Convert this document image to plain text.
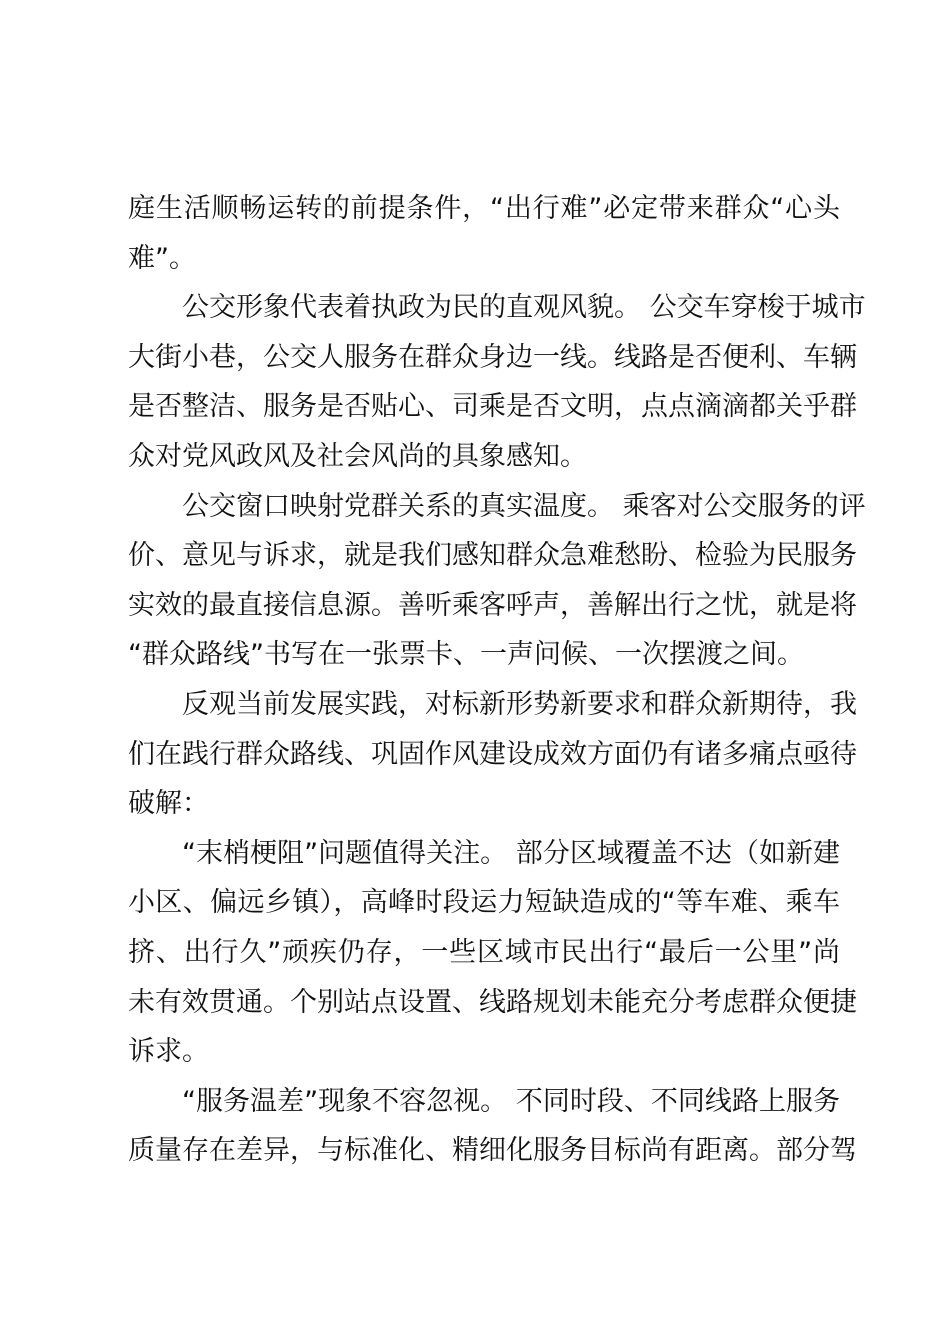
庭生活顺畅运转的前提条件，“出行难”必定带来群众“心头
难”。
公交形象代表着执政为民的直观风貌。 公交车穿梭于城市
大街小巷，公交人服务在群众身边一线。线路是否便利、车辆
是否整洁、服务是否贴心、司乘是否文明，点点滴滴都关乎群
众对党风政风及社会风尚的具象感知。
公交窗口映射党群关系的真实温度。 乘客对公交服务的评
价、意见与诉求，就是我们感知群众急难愁盼、检验为民服务
实效的最直接信息源。善听乘客呼声，善解出行之忧，就是将
“群众路线”书写在一张票卡、一声问候、一次摆渡之间。
反观当前发展实践，对标新形势新要求和群众新期待，我
们在践行群众路线、巩固作风建设成效方面仍有诸多痛点亟待
破解：
“末梢梗阻”问题值得关注。 部分区域覆盖不达（如新建
小区、偏远乡镇），高峰时段运力短缺造成的“等车难、乘车
挤、出行久”顽疾仍存，一些区域市民出行“最后一公里”尚
未有效贯通。个别站点设置、线路规划未能充分考虑群众便捷
诉求。
“服务温差”现象不容忽视。 不同时段、不同线路上服务
质量存在差异，与标准化、精细化服务目标尚有距离。部分驾
